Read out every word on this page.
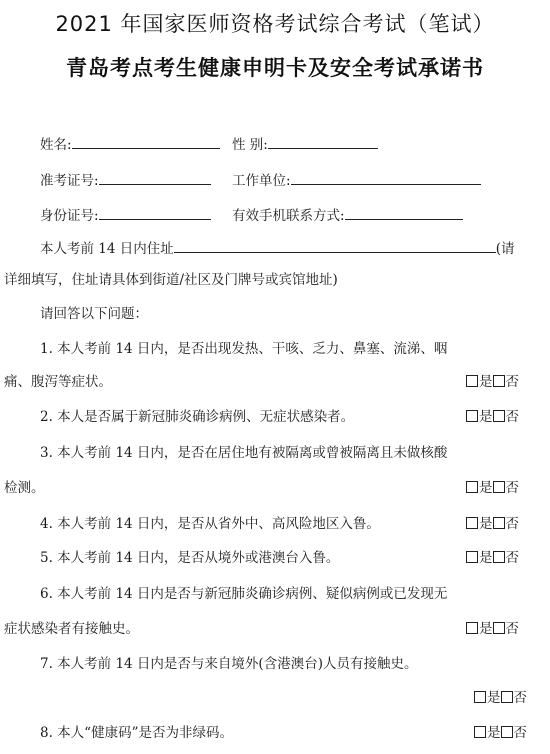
2021 年国家医师资格考试综合考试（笔试）
青岛考点考生健康申明卡及安全考试承诺书
姓名:	性 别:
准考证号:	工作单位:
身份证号:	有效手机联系方式:
本人考前 14 日内住址	(请
详细填写，住址请具体到街道/社区及门牌号或宾馆地址)
请回答以下问题：
1. 本人考前 14 日内，是否出现发热、干咳、乏力、鼻塞、流涕、咽
痛、腹泻等症状。	是 否
2. 本人是否属于新冠肺炎确诊病例、无症状感染者。	是 否
3. 本人考前 14 日内，是否在居住地有被隔离或曾被隔离且未做核酸
检测。	是 否
4. 本人考前 14 日内，是否从省外中、高风险地区入鲁。	是 否
5. 本人考前 14 日内，是否从境外或港澳台入鲁。	是 否
6. 本人考前 14 日内是否与新冠肺炎确诊病例、疑似病例或已发现无
症状感染者有接触史。	是 否
7. 本人考前 14 日内是否与来自境外(含港澳台)人员有接触史。
是 否
8. 本人“健康码”是否为非绿码。	是 否
